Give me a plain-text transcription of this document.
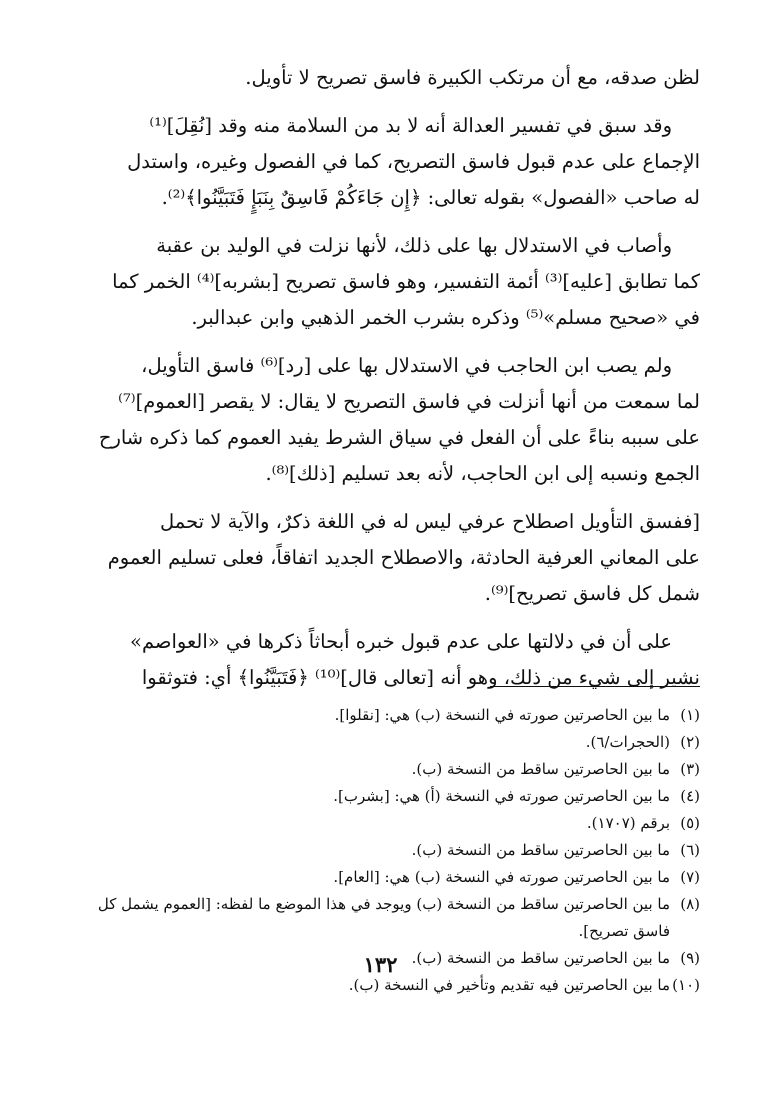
لظن صدقه، مع أن مرتكب الكبيرة فاسق تصريح لا تأويل.
وقد سبق في تفسير العدالة أنه لا بد من السلامة منه وقد [نُقِلَ]⁽¹⁾
الإجماع على عدم قبول فاسق التصريح، كما في الفصول وغيره، واستدل
له صاحب «الفصول» بقوله تعالى: ﴿إِن جَاءَكُمْ فَاسِقٌ بِنَبَإٍ فَتَبَيَّنُوا﴾⁽²⁾.
وأصاب في الاستدلال بها على ذلك، لأنها نزلت في الوليد بن عقبة
كما تطابق [عليه]⁽³⁾ أئمة التفسير، وهو فاسق تصريح [بشربه]⁽⁴⁾ الخمر كما
في «صحيح مسلم»⁽⁵⁾ وذكره بشرب الخمر الذهبي وابن عبدالبر.
ولم يصب ابن الحاجب في الاستدلال بها على [رد]⁽⁶⁾ فاسق التأويل،
لما سمعت من أنها أنزلت في فاسق التصريح لا يقال: لا يقصر [العموم]⁽⁷⁾
على سببه بناءً على أن الفعل في سياق الشرط يفيد العموم كما ذكره شارح
الجمع ونسبه إلى ابن الحاجب، لأنه بعد تسليم [ذلك]⁽⁸⁾.
[ففسق التأويل اصطلاح عرفي ليس له في اللغة ذكرٌ، والآية لا تحمل
على المعاني العرفية الحادثة، والاصطلاح الجديد اتفاقاً، فعلى تسليم العموم
شمل كل فاسق تصريح]⁽⁹⁾.
على أن في دلالتها على عدم قبول خبره أبحاثاً ذكرها في «العواصم»
نشير إلى شيء من ذلك، وهو أنه [تعالى قال]⁽¹⁰⁾ ﴿فَتَبَيَّنُوا﴾ أي: فتوثقوا
(١)
ما بين الحاصرتين صورته في النسخة (ب) هي: [نقلوا].
(٢)
(الحجرات/٦).
(٣)
ما بين الحاصرتين ساقط من النسخة (ب).
(٤)
ما بين الحاصرتين صورته في النسخة (أ) هي: [بشرب].
(٥)
برقم (١٧٠٧).
(٦)
ما بين الحاصرتين ساقط من النسخة (ب).
(٧)
ما بين الحاصرتين صورته في النسخة (ب) هي: [العام].
(٨)
ما بين الحاصرتين ساقط من النسخة (ب) ويوجد في هذا الموضع ما لفظه: [العموم يشمل كل فاسق تصريح].
(٩)
ما بين الحاصرتين ساقط من النسخة (ب).
(١٠)
ما بين الحاصرتين فيه تقديم وتأخير في النسخة (ب).
١٣٢
